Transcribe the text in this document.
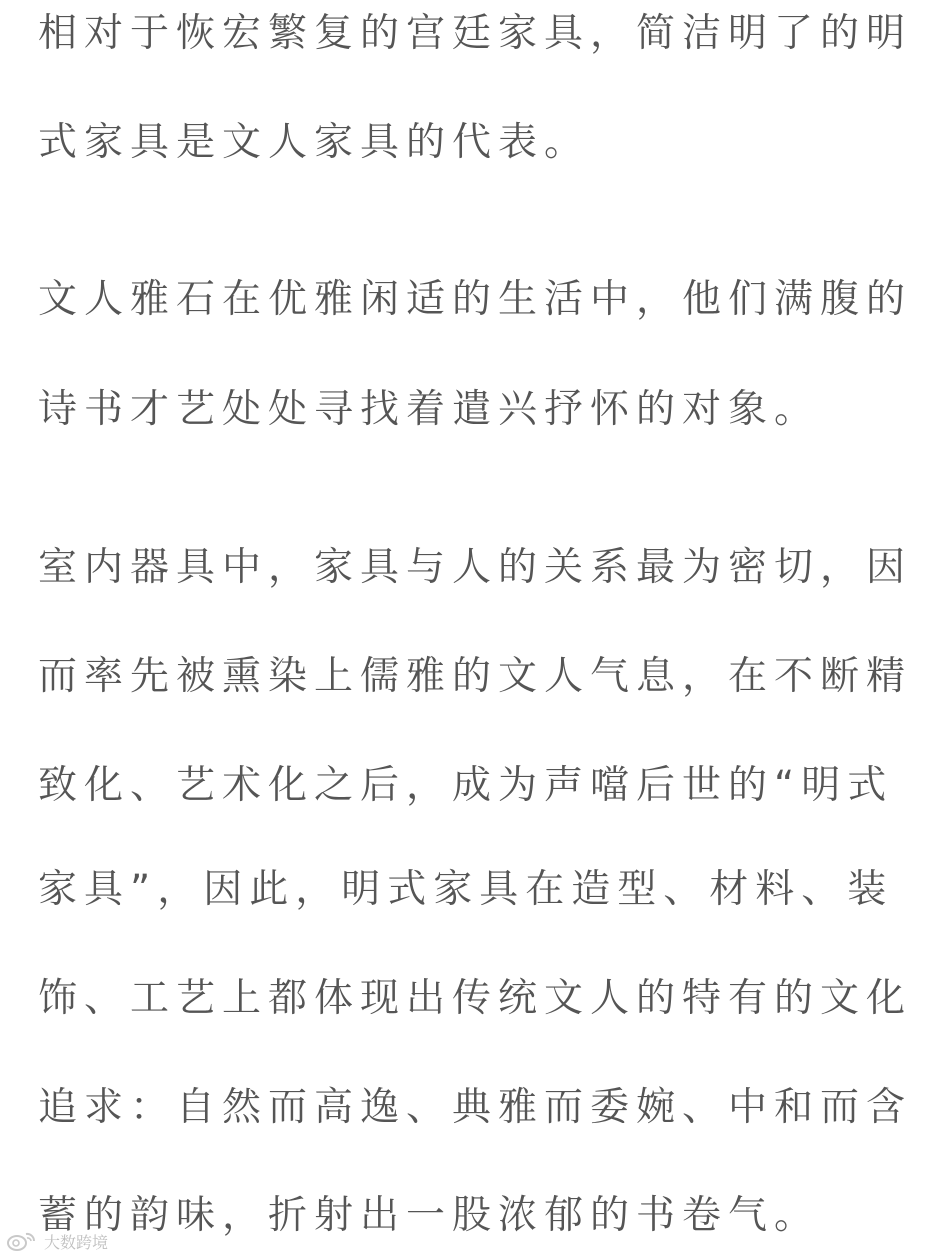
相对于恢宏繁复的宫廷家具，简洁明了的明
式家具是文人家具的代表。
文人雅石在优雅闲适的生活中，他们满腹的
诗书才艺处处寻找着遣兴抒怀的对象。
室内器具中，家具与人的关系最为密切，因
而率先被熏染上儒雅的文人气息，在不断精
致化、艺术化之后，成为声噹后世的“明式
家具”，因此，明式家具在造型、材料、装
饰、工艺上都体现出传统文人的特有的文化
追求：自然而高逸、典雅而委婉、中和而含
蓄的韵味，折射出一股浓郁的书卷气。
大数跨境
